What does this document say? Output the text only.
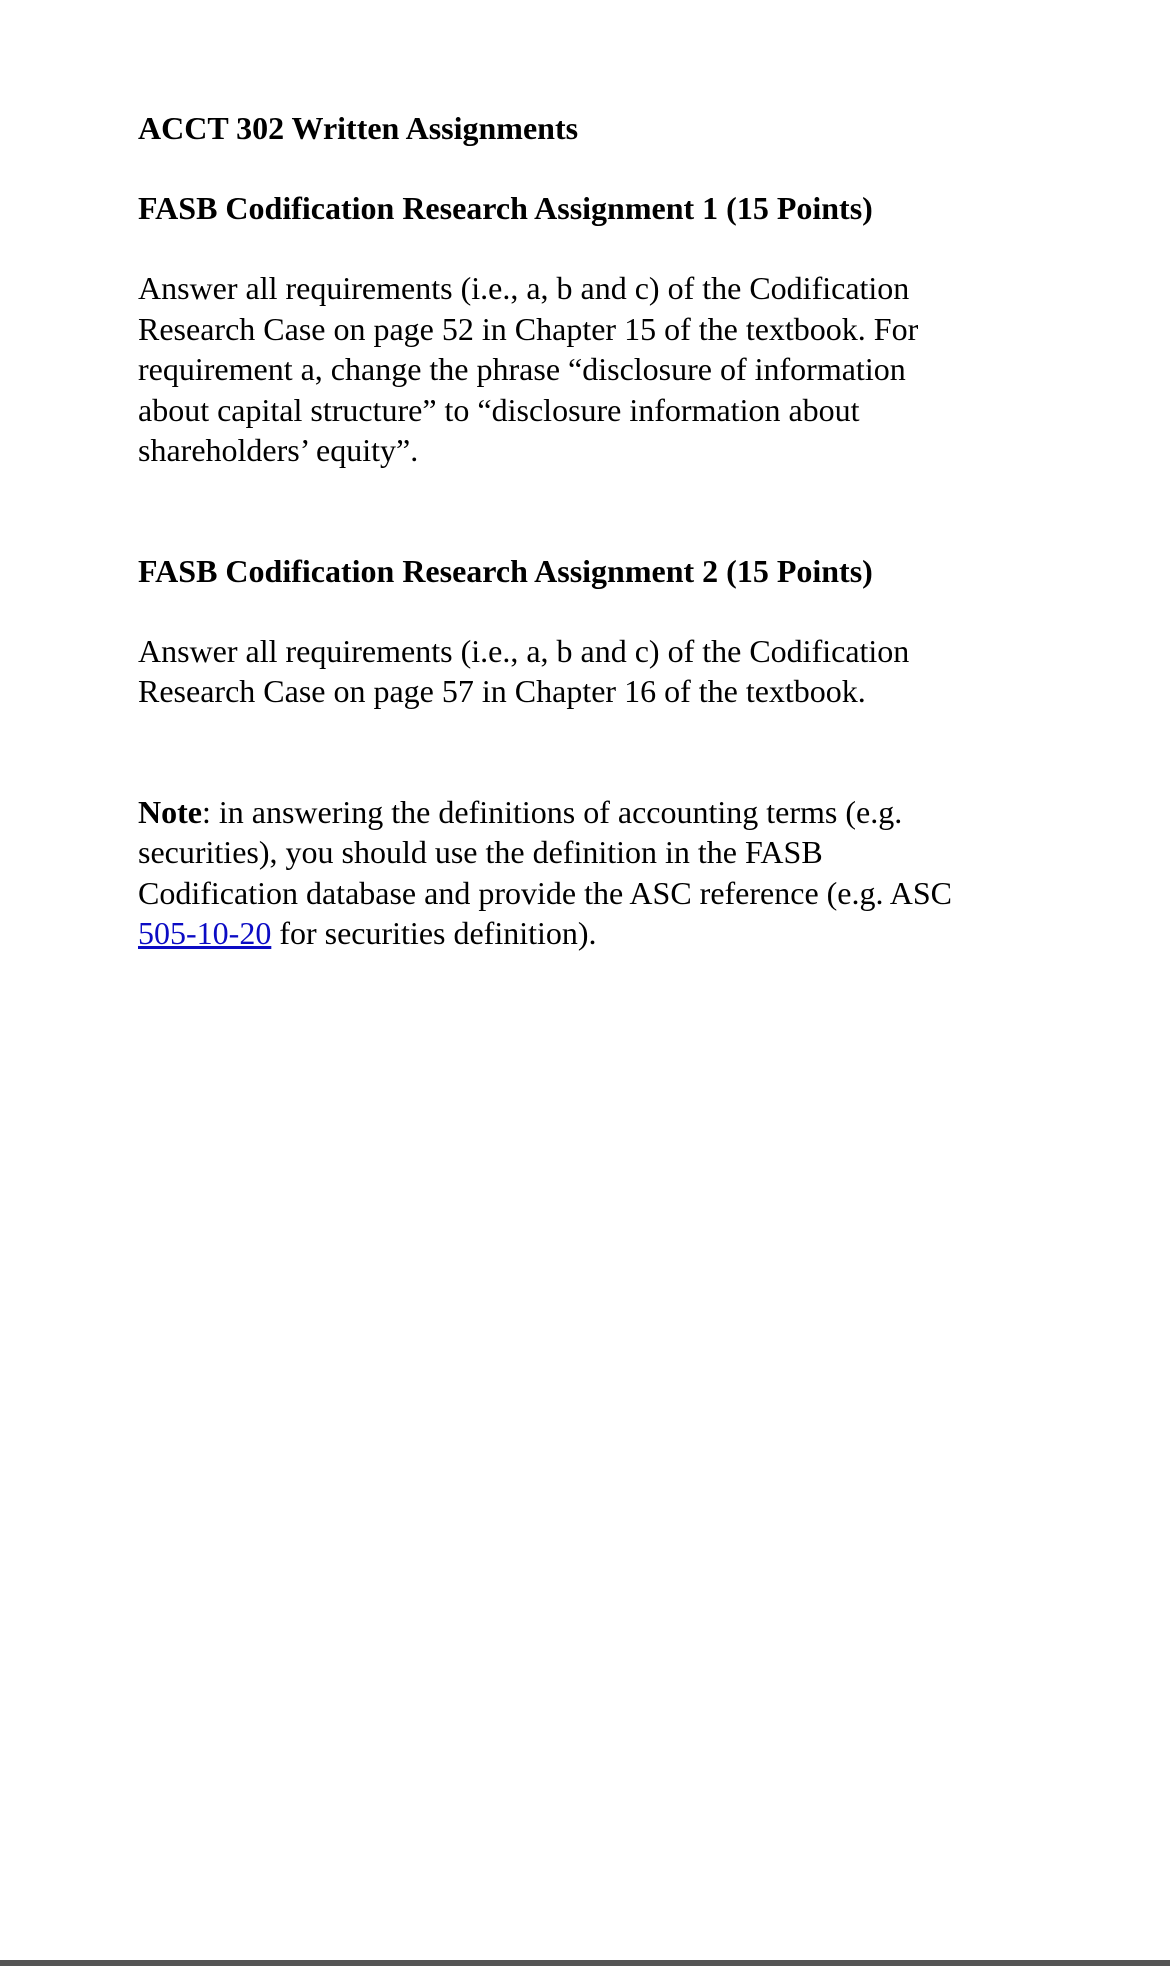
ACCT 302 Written Assignments

FASB Codification Research Assignment 1 (15 Points)

Answer all requirements (i.e., a, b and c) of the Codification
Research Case on page 52 in Chapter 15 of the textbook. For
requirement a, change the phrase “disclosure of information
about capital structure” to “disclosure information about
shareholders’ equity”.

FASB Codification Research Assignment 2 (15 Points)

Answer all requirements (i.e., a, b and c) of the Codification
Research Case on page 57 in Chapter 16 of the textbook.
Note: in answering the definitions of accounting terms (e.g.
securities), you should use the definition in the FASB
Codification database and provide the ASC reference (e.g. ASC
505-10-20 for securities definition).
